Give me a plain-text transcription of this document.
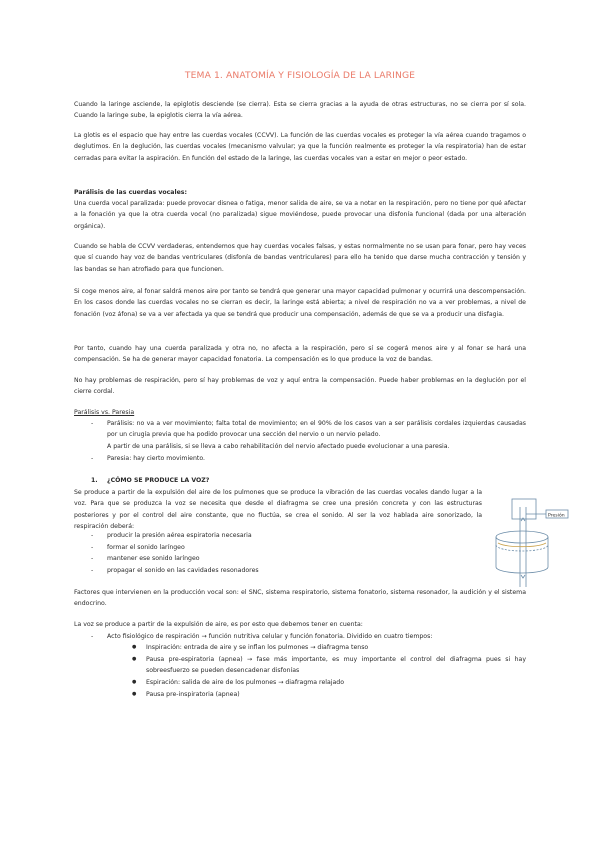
TEMA 1. ANATOMÍA Y FISIOLOGÍA DE LA LARINGE

Cuando la laringe asciende, la epiglotis desciende (se cierra). Esta se cierra gracias a la ayuda de otras estructuras, no se cierra por sí sola. Cuando la laringe sube, la epiglotis cierra la vía aérea.

La glotis es el espacio que hay entre las cuerdas vocales (CCVV). La función de las cuerdas vocales es proteger la vía aérea cuando tragamos o deglutimos. En la deglución, las cuerdas vocales (mecanismo valvular; ya que la función realmente es proteger la vía respiratoria) han de estar cerradas para evitar la aspiración. En función del estado de la laringe, las cuerdas vocales van a estar en mejor o peor estado.

Parálisis de las cuerdas vocales:

Una cuerda vocal paralizada: puede provocar disnea o fatiga, menor salida de aire, se va a notar en la respiración, pero no tiene por qué afectar a la fonación ya que la otra cuerda vocal (no paralizada) sigue moviéndose, puede provocar una disfonía funcional (dada por una alteración orgánica).

Cuando se habla de CCVV verdaderas, entendemos que hay cuerdas vocales falsas, y estas normalmente no se usan para fonar, pero hay veces que sí cuando hay voz de bandas ventriculares (disfonía de bandas ventriculares) para ello ha tenido que darse mucha contracción y tensión y las bandas se han atrofiado para que funcionen.

Si coge menos aire, al fonar saldrá menos aire por tanto se tendrá que generar una mayor capacidad pulmonar y ocurrirá una descompensación. En los casos donde las cuerdas vocales no se cierran es decir, la laringe está abierta; a nivel de respiración no va a ver problemas, a nivel de fonación (voz áfona) se va a ver afectada ya que se tendrá que producir una compensación, además de que se va a producir una disfagia.

Por tanto, cuando hay una cuerda paralizada y otra no, no afecta a la respiración, pero sí se cogerá menos aire y al fonar se hará una compensación. Se ha de generar mayor capacidad fonatoria. La compensación es lo que produce la voz de bandas.

No hay problemas de respiración, pero sí hay problemas de voz y aquí entra la compensación. Puede haber problemas en la deglución por el cierre cordal.

Parálisis vs. Paresia

- Parálisis: no va a ver movimiento; falta total de movimiento; en el 90% de los casos van a ser parálisis cordales izquierdas causadas por un cirugía previa que ha podido provocar una sección del nervio o un nervio pelado.

A partir de una parálisis, si se lleva a cabo rehabilitación del nervio afectado puede evolucionar a una paresia.

- Paresia: hay cierto movimiento.

1. ¿CÓMO SE PRODUCE LA VOZ?

Se produce a partir de la expulsión del aire de los pulmones que se produce la vibración de las cuerdas vocales dando lugar a la voz. Para que se produzca la voz se necesita que desde el diafragma se cree una presión concreta y con las estructuras posteriores y por el control del aire constante, que no fluctúa, se crea el sonido. Al ser la voz hablada aire sonorizado, la respiración deberá:

- producir la presión aérea espiratoria necesaria

- formar el sonido laríngeo

- mantener ese sonido laríngeo

- propagar el sonido en las cavidades resonadores

Presión

Factores que intervienen en la producción vocal son: el SNC, sistema respiratorio, sistema fonatorio, sistema resonador, la audición y el sistema endocrino.

La voz se produce a partir de la expulsión de aire, es por esto que debemos tener en cuenta:

- Acto fisiológico de respiración → función nutritiva celular y función fonatoria. Dividido en cuatro tiempos:

● Inspiración: entrada de aire y se inflan los pulmones → diafragma tenso

● Pausa pre-espiratoria (apnea) → fase más importante, es muy importante el control del diafragma pues si hay sobreesfuerzo se pueden desencadenar disfonías

● Espiración: salida de aire de los pulmones → diafragma relajado

● Pausa pre-inspiratoria (apnea)
